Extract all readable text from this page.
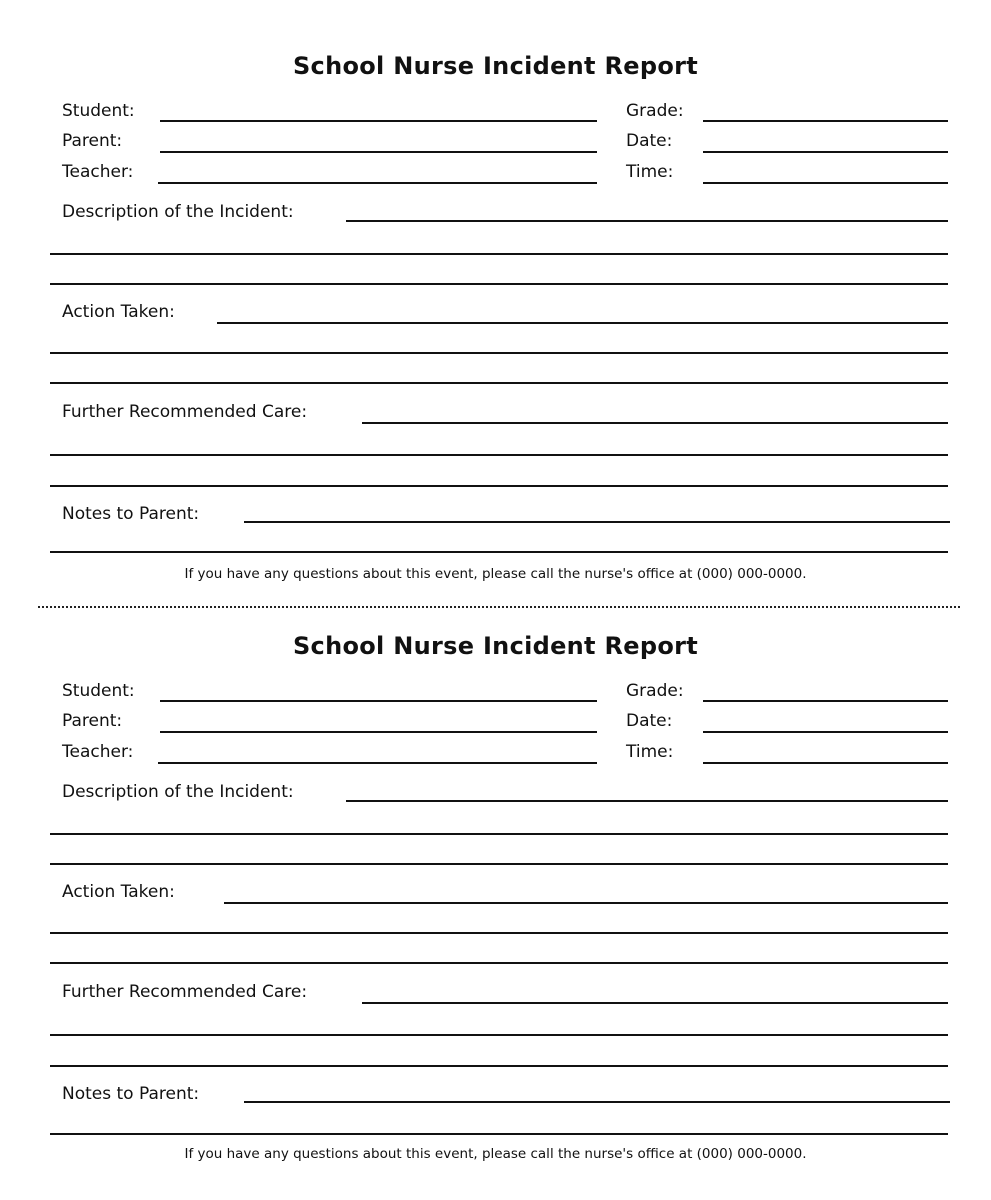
School Nurse Incident Report
Student:	Grade:
Parent:	Date:
Teacher:	Time:
Description of the Incident:
Action Taken:
Further Recommended Care:
Notes to Parent:
If you have any questions about this event, please call the nurse's office at (000) 000-0000.
School Nurse Incident Report
Student:	Grade:
Parent:	Date:
Teacher:	Time:
Description of the Incident:
Action Taken:
Further Recommended Care:
Notes to Parent:
If you have any questions about this event, please call the nurse's office at (000) 000-0000.
